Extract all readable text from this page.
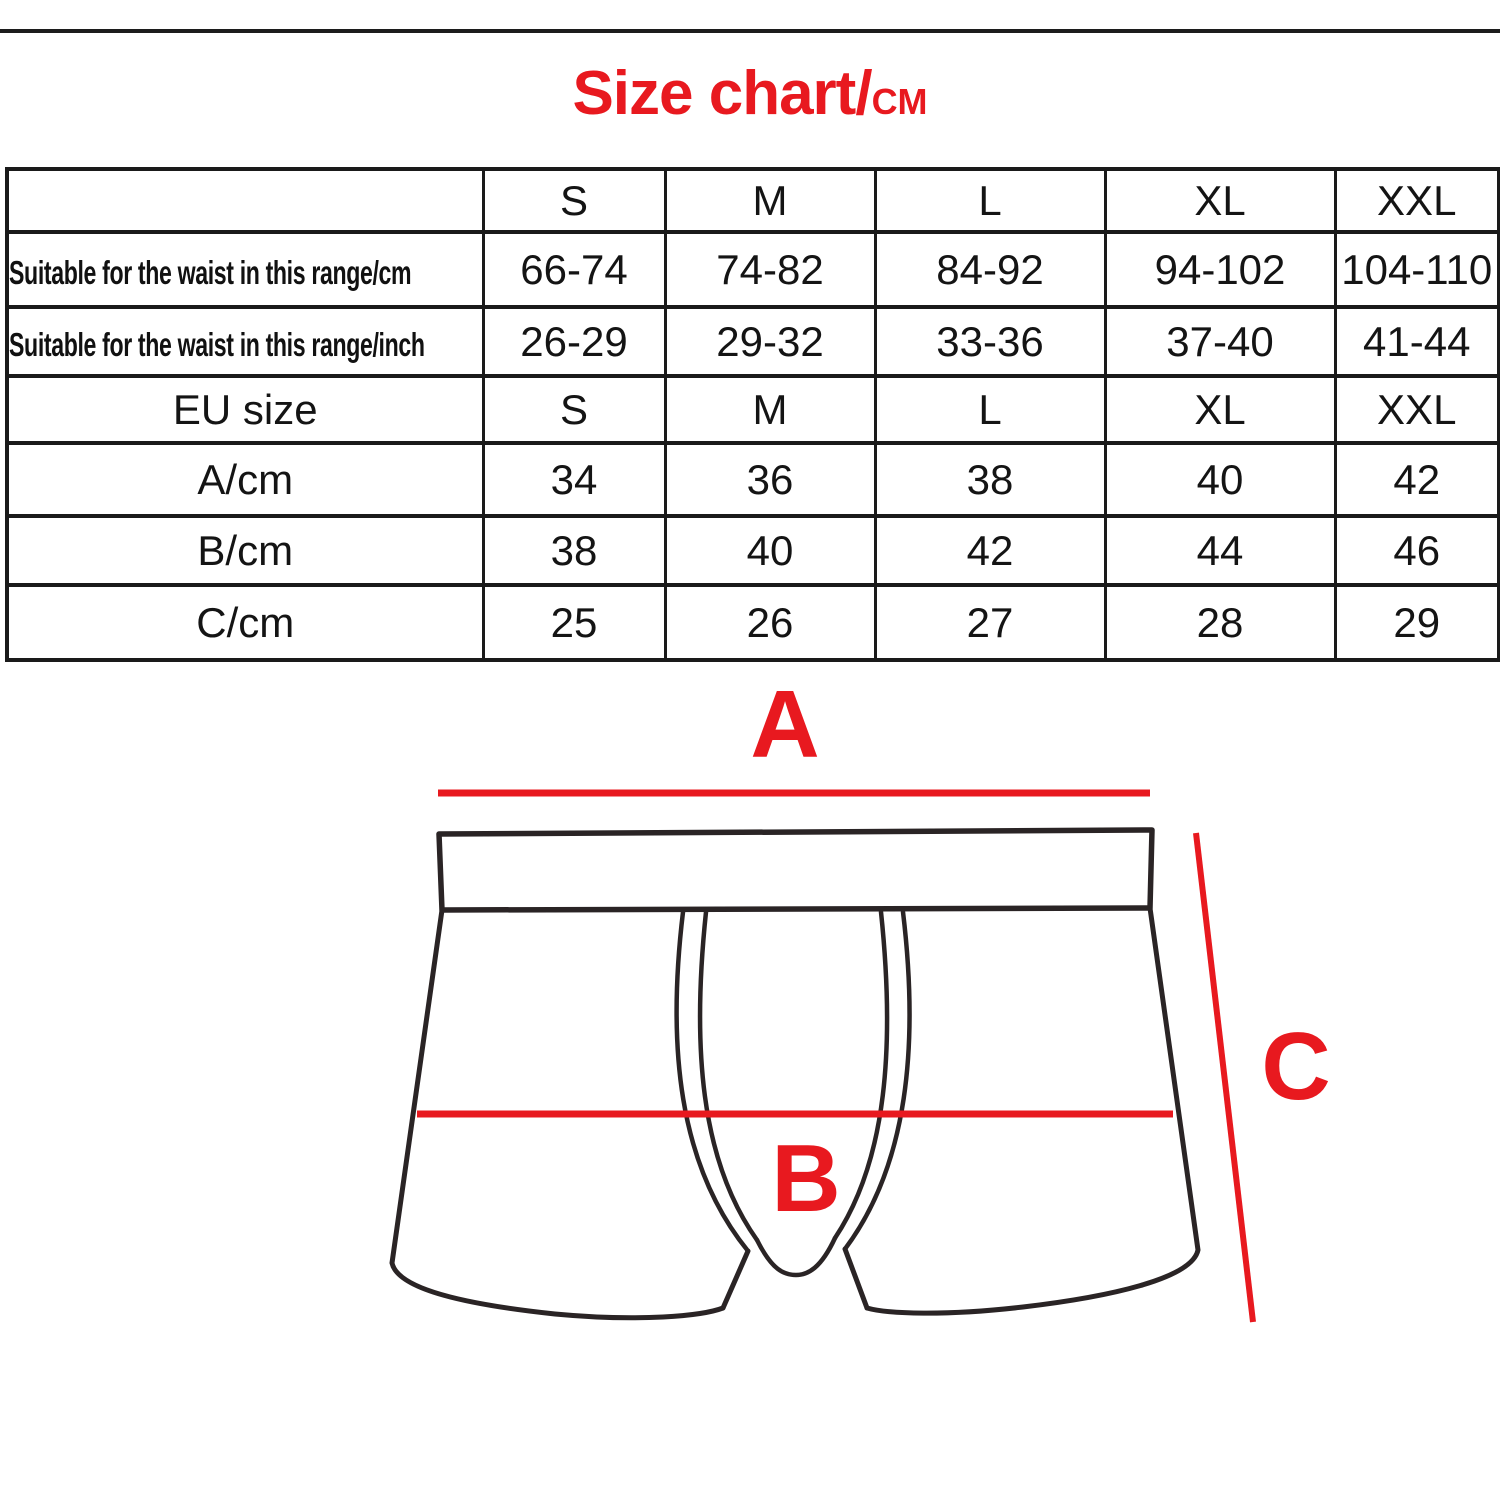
Size chart/CM
	S	M	L	XL	XXL
Suitable for the waist in this range/cm	66-74	74-82	84-92	94-102	104-110
Suitable for the waist in this range/inch	26-29	29-32	33-36	37-40	41-44
EU size	S	M	L	XL	XXL
A/cm	34	36	38	40	42
B/cm	38	40	42	44	46
C/cm	25	26	27	28	29
A
B
C
